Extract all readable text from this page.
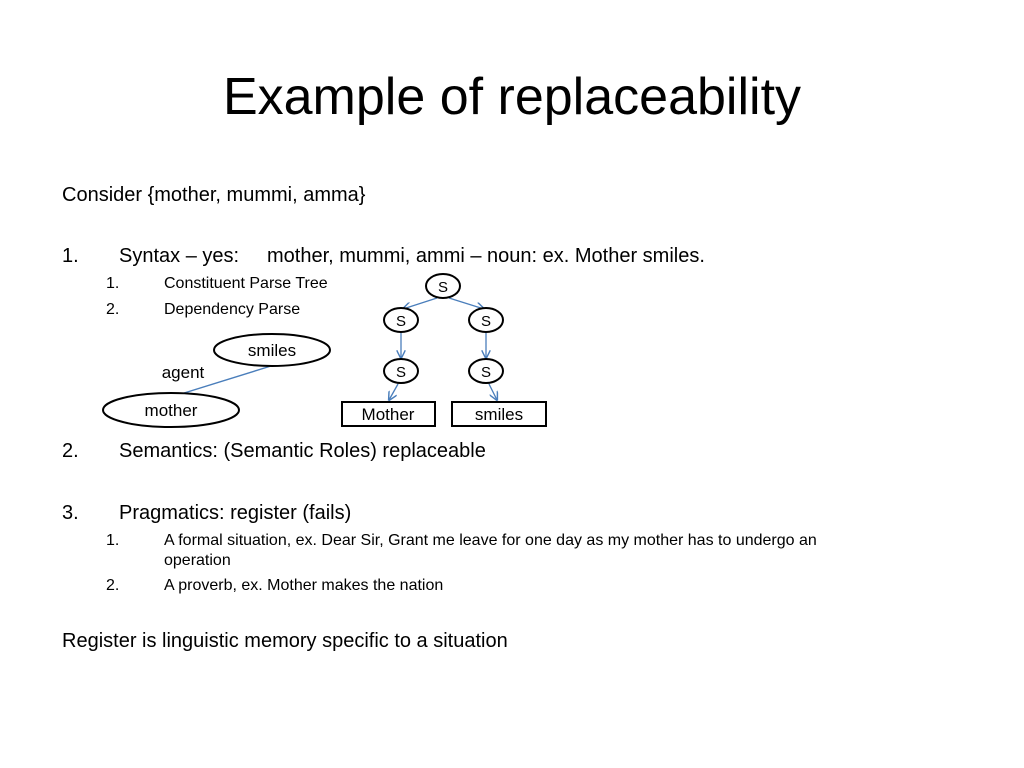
Example of replaceability
Consider {mother, mummi, amma}
1. Syntax – yes: mother, mummi, ammi – noun: ex. Mother smiles.
1.	Constituent Parse Tree
2.	Dependency Parse
2. Semantics: (Semantic Roles) replaceable
3. Pragmatics: register (fails)
1.	A formal situation, ex. Dear Sir, Grant me leave for one day as my mother has to undergo an
operation
2.	A proverb, ex. Mother makes the nation
Register is linguistic memory specific to a situation
smiles
agent
mother
S
S	S
S	S
Mother	smiles
